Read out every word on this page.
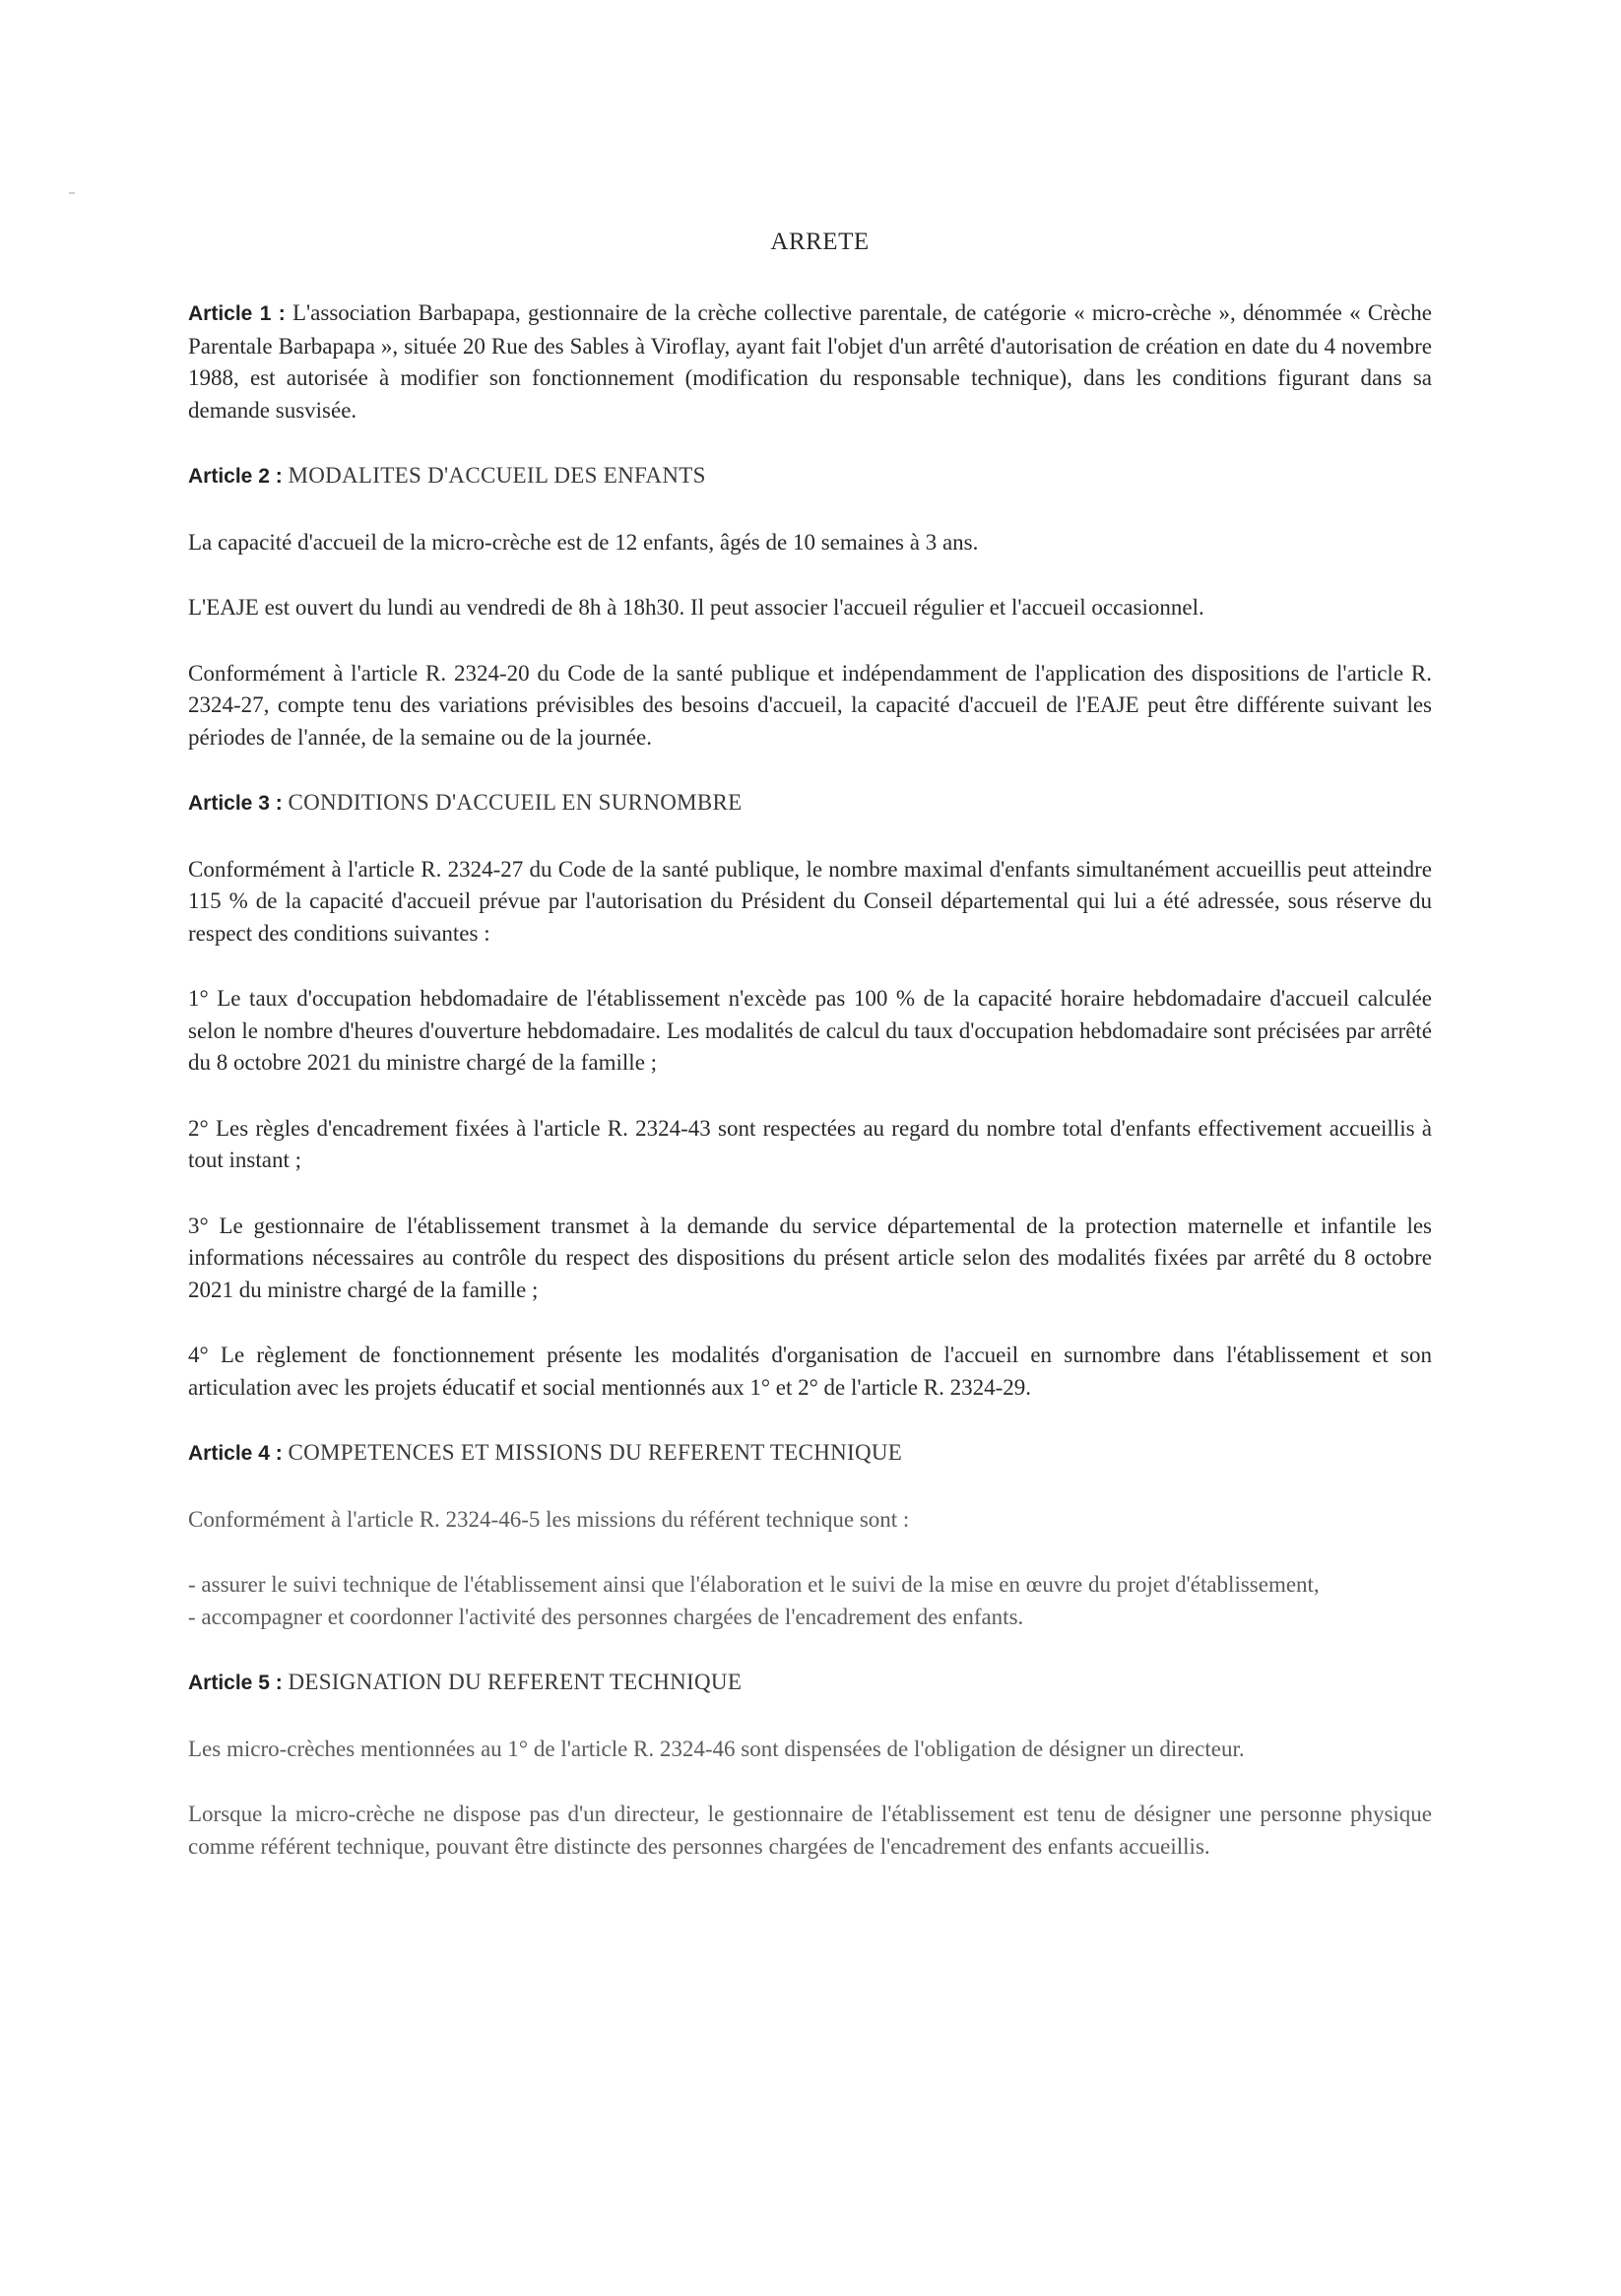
ARRETE

Article 1 : L'association Barbapapa, gestionnaire de la crèche collective parentale, de catégorie « micro-crèche », dénommée « Crèche Parentale Barbapapa », située 20 Rue des Sables à Viroflay, ayant fait l'objet d'un arrêté d'autorisation de création en date du 4 novembre 1988, est autorisée à modifier son fonctionnement (modification du responsable technique), dans les conditions figurant dans sa demande susvisée.

Article 2 : MODALITES D'ACCUEIL DES ENFANTS

La capacité d'accueil de la micro-crèche est de 12 enfants, âgés de 10 semaines à 3 ans.

L'EAJE est ouvert du lundi au vendredi de 8h à 18h30. Il peut associer l'accueil régulier et l'accueil occasionnel.

Conformément à l'article R. 2324-20 du Code de la santé publique et indépendamment de l'application des dispositions de l'article R. 2324-27, compte tenu des variations prévisibles des besoins d'accueil, la capacité d'accueil de l'EAJE peut être différente suivant les périodes de l'année, de la semaine ou de la journée.

Article 3 : CONDITIONS D'ACCUEIL EN SURNOMBRE

Conformément à l'article R. 2324-27 du Code de la santé publique, le nombre maximal d'enfants simultanément accueillis peut atteindre 115 % de la capacité d'accueil prévue par l'autorisation du Président du Conseil départemental qui lui a été adressée, sous réserve du respect des conditions suivantes :

1° Le taux d'occupation hebdomadaire de l'établissement n'excède pas 100 % de la capacité horaire hebdomadaire d'accueil calculée selon le nombre d'heures d'ouverture hebdomadaire. Les modalités de calcul du taux d'occupation hebdomadaire sont précisées par arrêté du 8 octobre 2021 du ministre chargé de la famille ;

2° Les règles d'encadrement fixées à l'article R. 2324-43 sont respectées au regard du nombre total d'enfants effectivement accueillis à tout instant ;

3° Le gestionnaire de l'établissement transmet à la demande du service départemental de la protection maternelle et infantile les informations nécessaires au contrôle du respect des dispositions du présent article selon des modalités fixées par arrêté du 8 octobre 2021 du ministre chargé de la famille ;

4° Le règlement de fonctionnement présente les modalités d'organisation de l'accueil en surnombre dans l'établissement et son articulation avec les projets éducatif et social mentionnés aux 1° et 2° de l'article R. 2324-29.

Article 4 : COMPETENCES ET MISSIONS DU REFERENT TECHNIQUE

Conformément à l'article R. 2324-46-5 les missions du référent technique sont :

- assurer le suivi technique de l'établissement ainsi que l'élaboration et le suivi de la mise en œuvre du projet d'établissement,

- accompagner et coordonner l'activité des personnes chargées de l'encadrement des enfants.

Article 5 : DESIGNATION DU REFERENT TECHNIQUE

Les micro-crèches mentionnées au 1° de l'article R. 2324-46 sont dispensées de l'obligation de désigner un directeur.

Lorsque la micro-crèche ne dispose pas d'un directeur, le gestionnaire de l'établissement est tenu de désigner une personne physique comme référent technique, pouvant être distincte des personnes chargées de l'encadrement des enfants accueillis.
